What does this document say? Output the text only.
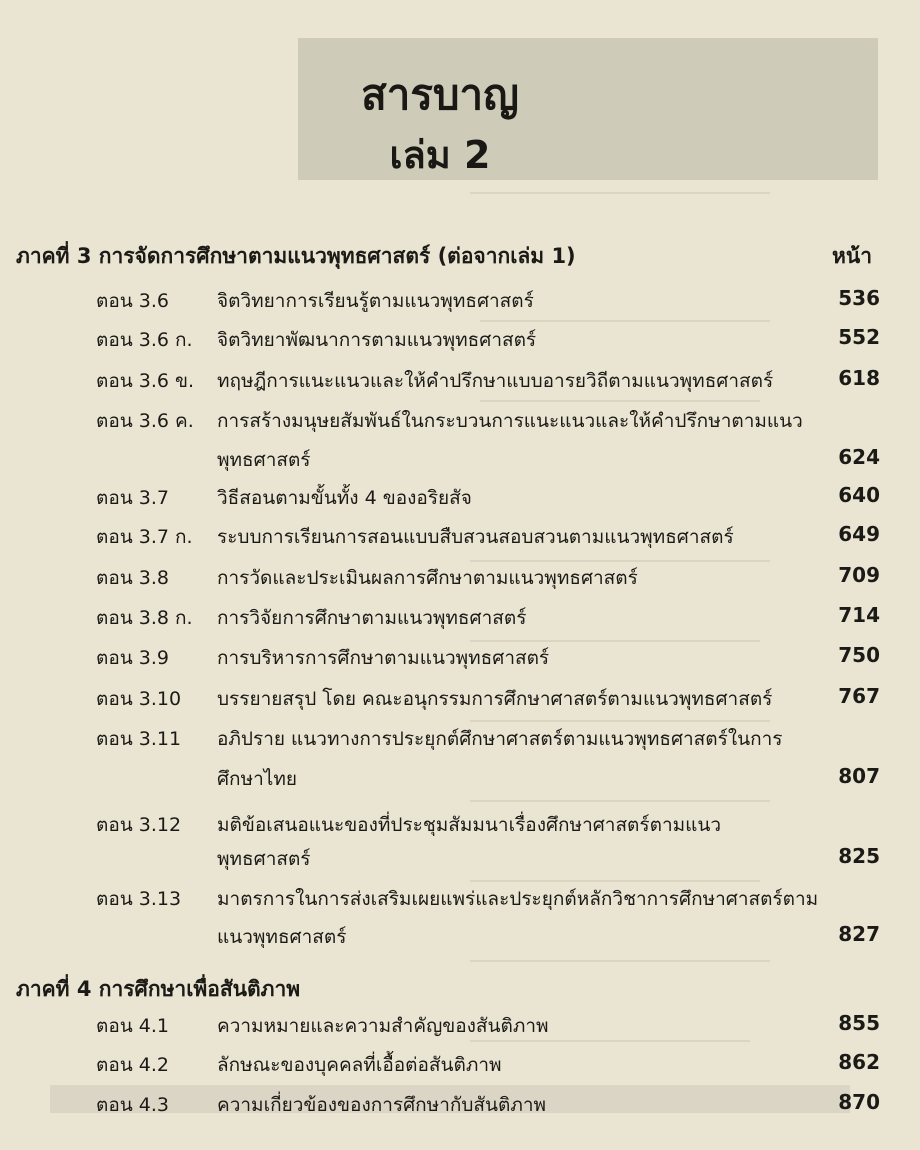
สารบาญ
เล่ม 2
ภาคที่ 3 การจัดการศึกษาตามแนวพุทธศาสตร์ (ต่อจากเล่ม 1)	หน้า
ตอน 3.6	จิตวิทยาการเรียนรู้ตามแนวพุทธศาสตร์	536
ตอน 3.6 ก. จิตวิทยาพัฒนาการตามแนวพุทธศาสตร์	552
ตอน 3.6 ข. ทฤษฎีการแนะแนวและให้คำปรึกษาแบบอารยวิถีตามแนวพุทธศาสตร์	618
ตอน 3.6 ค. การสร้างมนุษยสัมพันธ์ในกระบวนการแนะแนวและให้คำปรึกษาตามแนว
พุทธศาสตร์	624
ตอน 3.7	วิธีสอนตามขั้นทั้ง 4 ของอริยสัจ	640
ตอน 3.7 ก. ระบบการเรียนการสอนแบบสืบสวนสอบสวนตามแนวพุทธศาสตร์	649
ตอน 3.8	การวัดและประเมินผลการศึกษาตามแนวพุทธศาสตร์	709
ตอน 3.8 ก. การวิจัยการศึกษาตามแนวพุทธศาสตร์	714
ตอน 3.9	การบริหารการศึกษาตามแนวพุทธศาสตร์	750
ตอน 3.10 บรรยายสรุป โดย คณะอนุกรรมการศึกษาศาสตร์ตามแนวพุทธศาสตร์	767
ตอน 3.11 อภิปราย แนวทางการประยุกต์ศึกษาศาสตร์ตามแนวพุทธศาสตร์ในการ
ศึกษาไทย	807
ตอน 3.12 มติข้อเสนอแนะของที่ประชุมสัมมนาเรื่องศึกษาศาสตร์ตามแนว
พุทธศาสตร์	825
ตอน 3.13 มาตรการในการส่งเสริมเผยแพร่และประยุกต์หลักวิชาการศึกษาศาสตร์ตาม
แนวพุทธศาสตร์	827
ภาคที่ 4 การศึกษาเพื่อสันติภาพ
ตอน 4.1	ความหมายและความสำคัญของสันติภาพ	855
ตอน 4.2	ลักษณะของบุคคลที่เอื้อต่อสันติภาพ	862
ตอน 4.3	ความเกี่ยวข้องของการศึกษากับสันติภาพ	870
